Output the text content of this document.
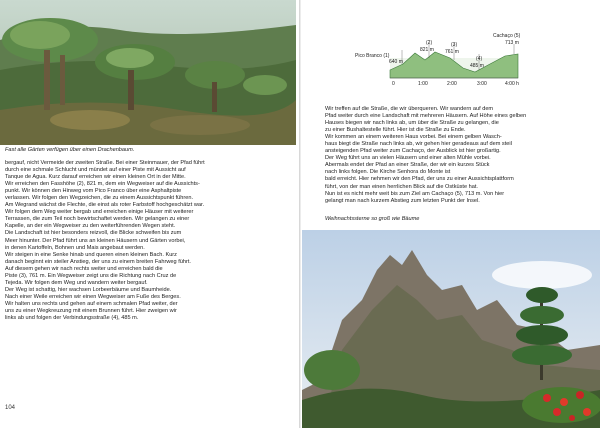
Fast alle Gärten verfügen über einen Drachenbaum.

bergauf, nicht Vermeide der zweiten Straße. Bei einer Steinmauer, der Pfad führt

durch eine schmale Schlucht und mündet auf einer Piste mit Aussicht auf

Tanque de Agua. Kurz darauf erreichen wir einen kleinen Ort in der Mitte.

Wir erreichen den Fasshöhe (2), 821 m, dem ein Wegweiser auf die Aussichts-

punkt. Wir können den Hinweg vom Pico Franco über eine Asphaltpiste

verlassen. Wir folgen den Wegzeichen, die zu einem Aussichtspunkt führen.

Am Wegrand wächst die Flechte, die einst als roter Farbstoff hochgeschätzt war.

Wir folgen dem Weg weiter bergab und erreichen einige Häuser mit weiterer

Terrassen, die zum Teil noch bewirtschaftet werden. Wir gelangen zu einer

Kapelle, an der ein Wegweiser zu den weiterführenden Wegen steht.

Die Landschaft ist hier besonders reizvoll, die Blicke schweifen bis zum

Meer hinunter. Der Pfad führt uns an kleinen Häusern und Gärten vorbei,

in denen Kartoffeln, Bohnen und Mais angebaut werden.

Wir steigen in eine Senke hinab und queren einen kleinen Bach. Kurz

danach beginnt ein steiler Anstieg, der uns zu einem breiten Fahrweg führt.

Auf diesem gehen wir nach rechts weiter und erreichen bald die

Piste (3), 761 m. Ein Wegweiser zeigt uns die Richtung nach Cruz de

Tejeda. Wir folgen dem Weg und wandern weiter bergauf.

Der Weg ist schattig, hier wachsen Lorbeerbäume und Baumheide.

Nach einer Weile erreichen wir einen Wegweiser am Fuße des Berges.

Wir halten uns rechts und gehen auf einem schmalen Pfad weiter, der

uns zu einer Wegkreuzung mit einem Brunnen führt. Hier zweigen wir

links ab und folgen der Verbindungsstraße (4), 485 m.

104
Pico Branco (1)
640 m
(2)
821 m
(3)
761 m
(4)
485 m
Cachaço (5)
713 m
0	1:00	2:00	3:00	4:00 h

Wir treffen auf die Straße, die wir überqueren. Wir wandern auf dem

Pfad weiter durch eine Landschaft mit mehreren Häusern. Auf Höhe eines gelben

Hauses biegen wir nach links ab, um über die Straße zu gelangen, die

zu einer Bushaltestelle führt. Hier ist die Straße zu Ende.

Wir kommen an einem weiteren Haus vorbei. Bei einem gelben Wasch-

haus biegt die Straße nach links ab, wir gehen hier geradeaus auf dem steil

ansteigenden Pfad weiter zum Cachaço, der Ausblick ist hier großartig.

Der Weg führt uns an vielen Häusern und einer alten Mühle vorbei.

Abermals endet der Pfad an einer Straße, der wir ein kurzes Stück

nach links folgen. Die Kirche Senhora do Monte ist

bald erreicht. Hier nehmen wir den Pfad, der uns zu einer Aussichtsplattform

führt, von der man einen herrlichen Blick auf die Ostküste hat.

Nun ist es nicht mehr weit bis zum Ziel am Cachaço (5), 713 m. Von hier

gelangt man nach kurzem Abstieg zum letzten Punkt der Insel.

Weihnachtssterne so groß wie Bäume
